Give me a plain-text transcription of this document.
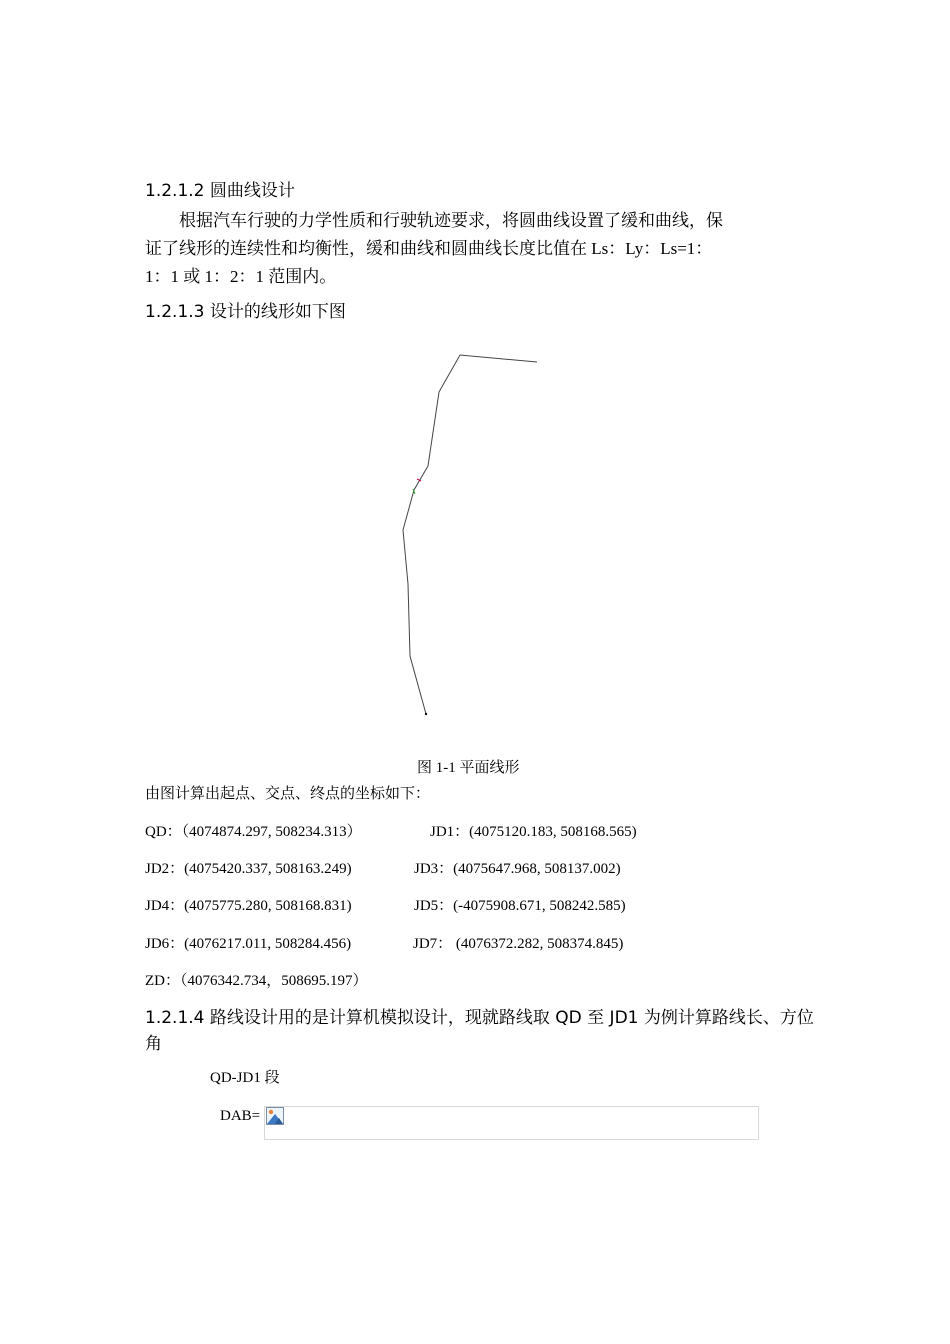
1.2.1.2 圆曲线设计

根据汽车行驶的力学性质和行驶轨迹要求，将圆曲线设置了缓和曲线，保

证了线形的连续性和均衡性，缓和曲线和圆曲线长度比值在 Ls：Ly：Ls=1：

1：1 或 1：2：1 范围内。

1.2.1.3 设计的线形如下图
图 1-1 平面线形
由图计算出起点、交点、终点的坐标如下：
QD：（4074874.297, 508234.313）	JD1：(4075120.183, 508168.565)
JD2：(4075420.337, 508163.249)	JD3：(4075647.968, 508137.002)
JD4：(4075775.280, 508168.831)	JD5：(-4075908.671, 508242.585)
JD6：(4076217.011, 508284.456)	JD7： (4076372.282, 508374.845)
ZD：（4076342.734，508695.197）
1.2.1.4 路线设计用的是计算机模拟设计，现就路线取 QD 至 JD1 为例计算路线长、方位角
QD-JD1 段
DAB=
